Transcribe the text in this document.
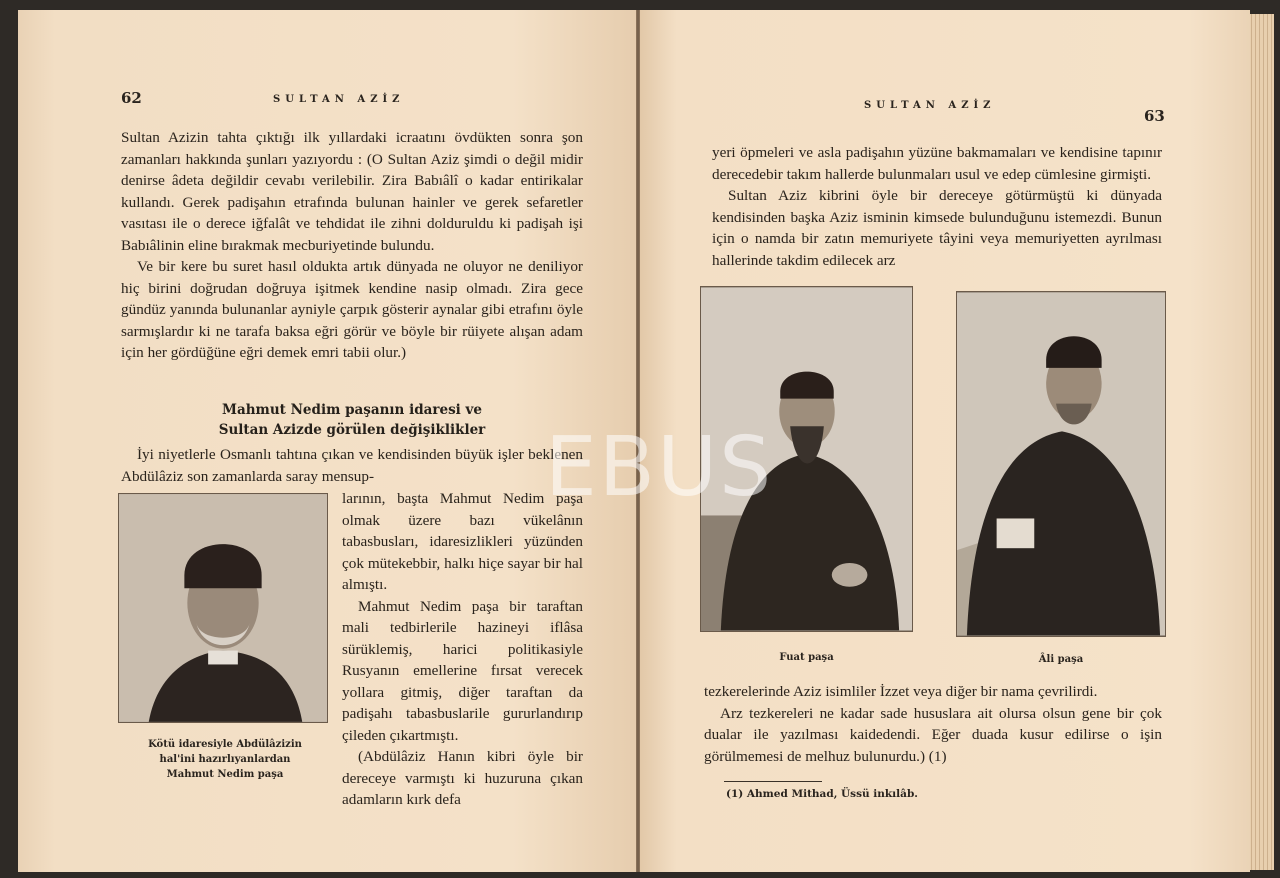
62	SULTAN AZİZ

Sultan Azizin tahta çıktığı ilk yıllardaki icraatını övdükten sonra şon zamanları hakkında şunları yazıyordu : (O Sultan Aziz şimdi o değil midir denirse âdeta değildir cevabı verilebilir. Zira Babıâlî o kadar entirikalar kullandı. Gerek padişahın etrafında bulunan hainler ve gerek sefaretler vasıtası ile o derece iğfalât ve tehdidat ile zihni dolduruldu ki padişah işi Babıâlinin eline bırakmak mecburiyetinde bulundu.

Ve bir kere bu suret hasıl oldukta artık dünyada ne oluyor ne deniliyor hiç birini doğrudan doğruya işitmek kendine nasip olmadı. Zira gece gündüz yanında bulunanlar ayniyle çarpık gösterir aynalar gibi etrafını öyle sarmışlardır ki ne tarafa baksa eğri görür ve böyle bir rüiyete alışan adam için her gördüğüne eğri demek emri tabii olur.)

Mahmut Nedim paşanın idaresi ve
Sultan Azizde görülen değişiklikler

İyi niyetlerle Osmanlı tahtına çıkan ve kendisinden büyük işler beklenen Abdülâziz son zamanlarda saray mensup-

Kötü idaresiyle Abdülâzizin
hal'ini hazırlıyanlardan
Mahmut Nedim paşa

larının, başta Mahmut Nedim paşa olmak üzere bazı vükelânın tabasbusları, idaresizlikleri yüzünden çok mütekebbir, halkı hiçe sayar bir hal almıştı.

Mahmut Nedim paşa bir taraftan mali tedbirlerile hazineyi iflâsa sürüklemiş, harici politikasiyle Rusyanın emellerine fırsat verecek yollara gitmiş, diğer taraftan da padişahı tabasbuslarile gururlandırıp çileden çıkartmıştı.

(Abdülâziz Hanın kibri öyle bir dereceye varmıştı ki huzuruna çıkan adamların kırk defa

SULTAN AZİZ
63

yeri öpmeleri ve asla padişahın yüzüne bakmamaları ve kendisine tapınır derecedebir takım hallerde bulunmaları usul ve edep cümlesine girmişti.

Sultan Aziz kibrini öyle bir dereceye götürmüştü ki dünyada kendisinden başka Aziz isminin kimsede bulunduğunu istemezdi. Bunun için o namda bir zatın memuriyete tâyini veya memuriyetten ayrılması hallerinde takdim edilecek arz

Fuat paşa	Âli paşa

tezkerelerinde Aziz isimliler İzzet veya diğer bir nama çevrilirdi.

Arz tezkereleri ne kadar sade hususlara ait olursa olsun gene bir çok dualar ile yazılması kaidedendi. Eğer duada kusur edilirse o işin görülmemesi de melhuz bulunurdu.) (1)

(1) Ahmed Mithad, Üssü inkılâb.
EBUS
